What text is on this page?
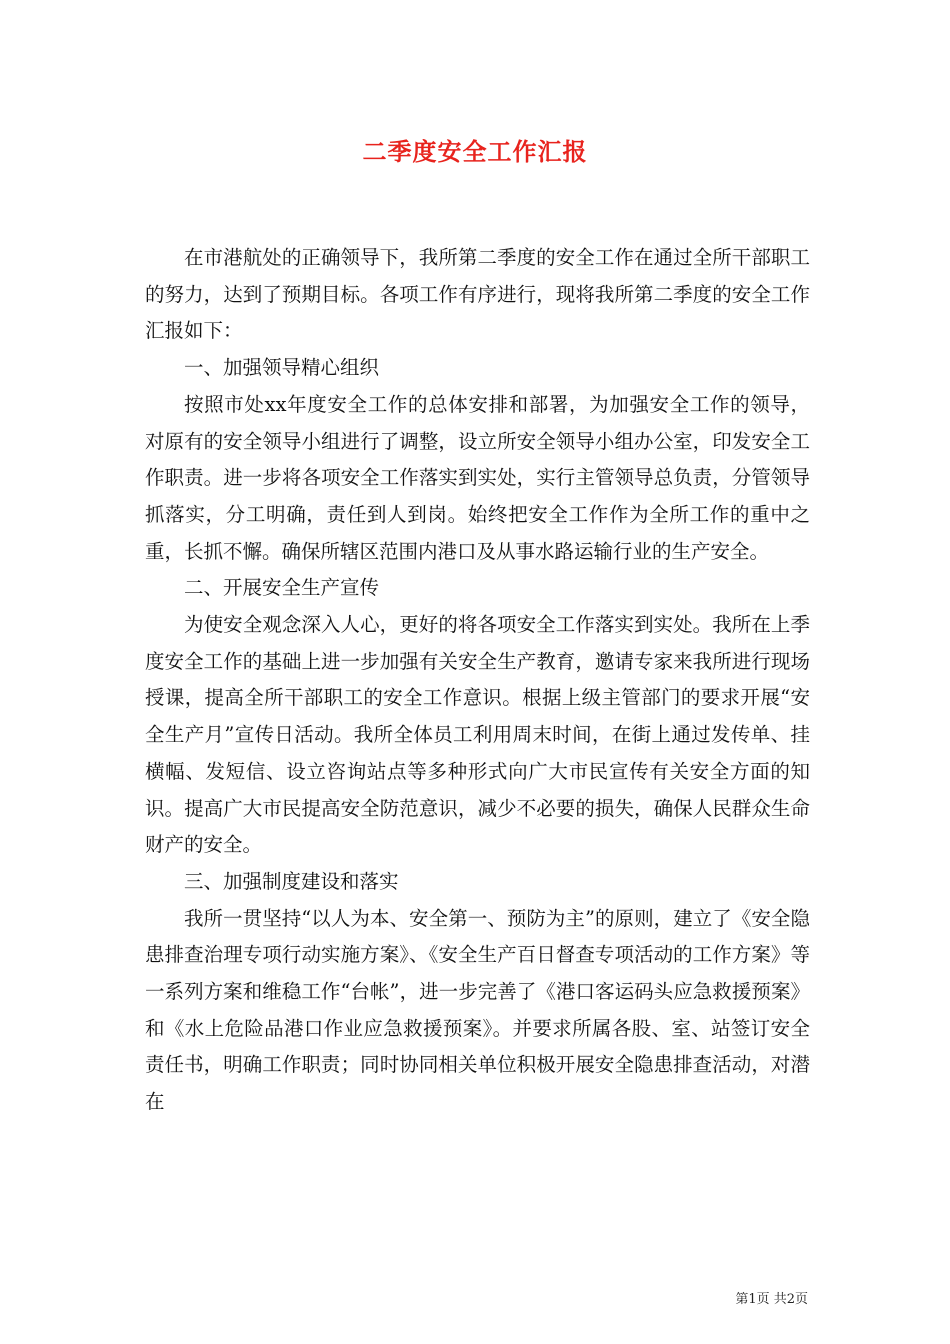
二季度安全工作汇报

在市港航处的正确领导下，我所第二季度的安全工作在通过全所干部职工的努力，达到了预期目标。各项工作有序进行，现将我所第二季度的安全工作汇报如下：

一、加强领导精心组织

按照市处xx年度安全工作的总体安排和部署，为加强安全工作的领导，对原有的安全领导小组进行了调整，设立所安全领导小组办公室，印发安全工作职责。进一步将各项安全工作落实到实处，实行主管领导总负责，分管领导抓落实，分工明确，责任到人到岗。始终把安全工作作为全所工作的重中之重，长抓不懈。确保所辖区范围内港口及从事水路运输行业的生产安全。

二、开展安全生产宣传

为使安全观念深入人心，更好的将各项安全工作落实到实处。我所在上季度安全工作的基础上进一步加强有关安全生产教育，邀请专家来我所进行现场授课，提高全所干部职工的安全工作意识。根据上级主管部门的要求开展“安全生产月”宣传日活动。我所全体员工利用周末时间，在街上通过发传单、挂横幅、发短信、设立咨询站点等多种形式向广大市民宣传有关安全方面的知识。提高广大市民提高安全防范意识，减少不必要的损失，确保人民群众生命财产的安全。

三、加强制度建设和落实

我所一贯坚持“以人为本、安全第一、预防为主”的原则，建立了《安全隐患排查治理专项行动实施方案》、《安全生产百日督查专项活动的工作方案》等一系列方案和维稳工作“台帐”，进一步完善了《港口客运码头应急救援预案》和《水上危险品港口作业应急救援预案》。并要求所属各股、室、站签订安全责任书，明确工作职责；同时协同相关单位积极开展安全隐患排查活动，对潜在

第1页 共2页
